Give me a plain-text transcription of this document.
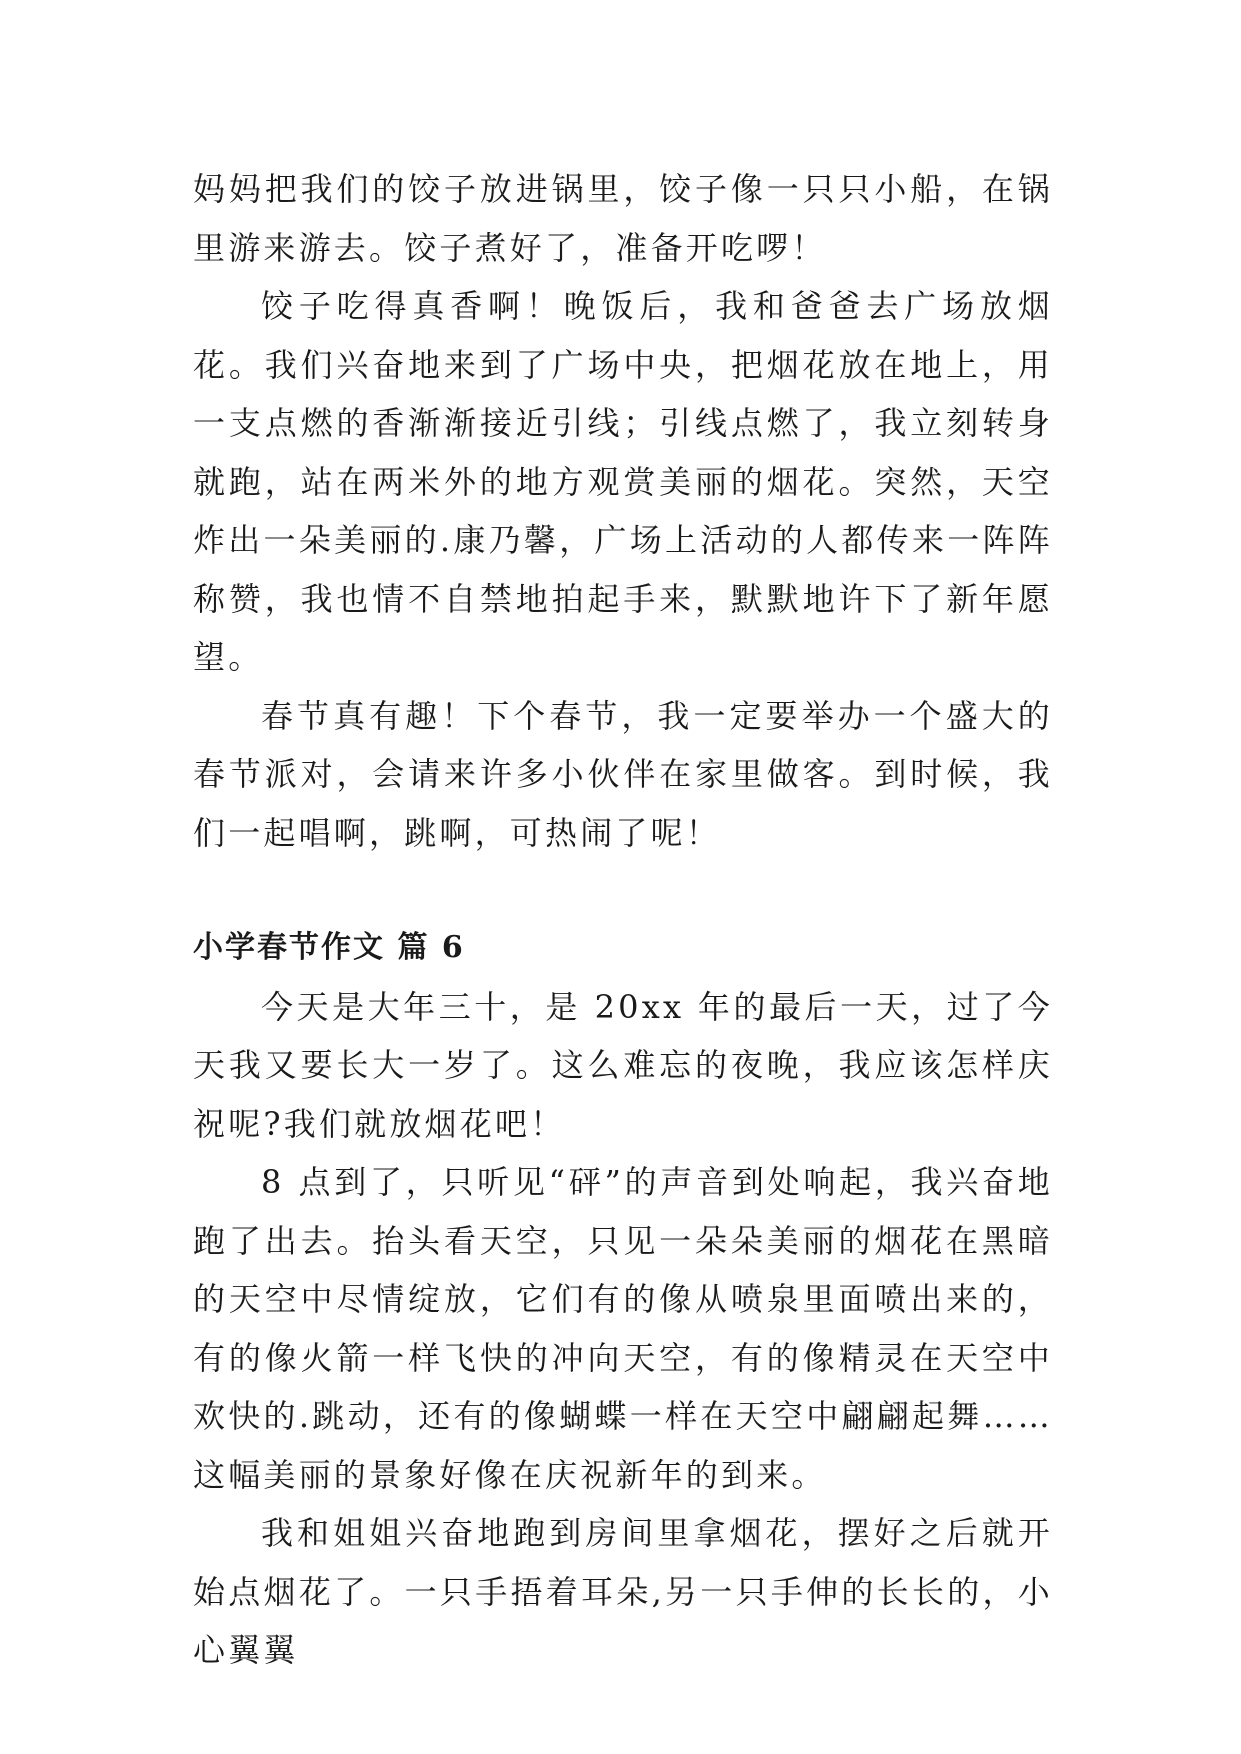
妈妈把我们的饺子放进锅里，饺子像一只只小船，在锅里游来游去。饺子煮好了，准备开吃啰！

饺子吃得真香啊！晚饭后，我和爸爸去广场放烟花。我们兴奋地来到了广场中央，把烟花放在地上，用一支点燃的香渐渐接近引线；引线点燃了，我立刻转身就跑，站在两米外的地方观赏美丽的烟花。突然，天空炸出一朵美丽的.康乃馨，广场上活动的人都传来一阵阵称赞，我也情不自禁地拍起手来，默默地许下了新年愿望。

春节真有趣！下个春节，我一定要举办一个盛大的春节派对，会请来许多小伙伴在家里做客。到时候，我们一起唱啊，跳啊，可热闹了呢！

小学春节作文 篇 6

今天是大年三十，是 20xx 年的最后一天，过了今天我又要长大一岁了。这么难忘的夜晚，我应该怎样庆祝呢?我们就放烟花吧！

8 点到了，只听见“砰”的声音到处响起，我兴奋地跑了出去。抬头看天空，只见一朵朵美丽的烟花在黑暗的天空中尽情绽放，它们有的像从喷泉里面喷出来的，有的像火箭一样飞快的冲向天空，有的像精灵在天空中欢快的.跳动，还有的像蝴蝶一样在天空中翩翩起舞……这幅美丽的景象好像在庆祝新年的到来。

我和姐姐兴奋地跑到房间里拿烟花，摆好之后就开始点烟花了。一只手捂着耳朵,另一只手伸的长长的，小心翼翼
